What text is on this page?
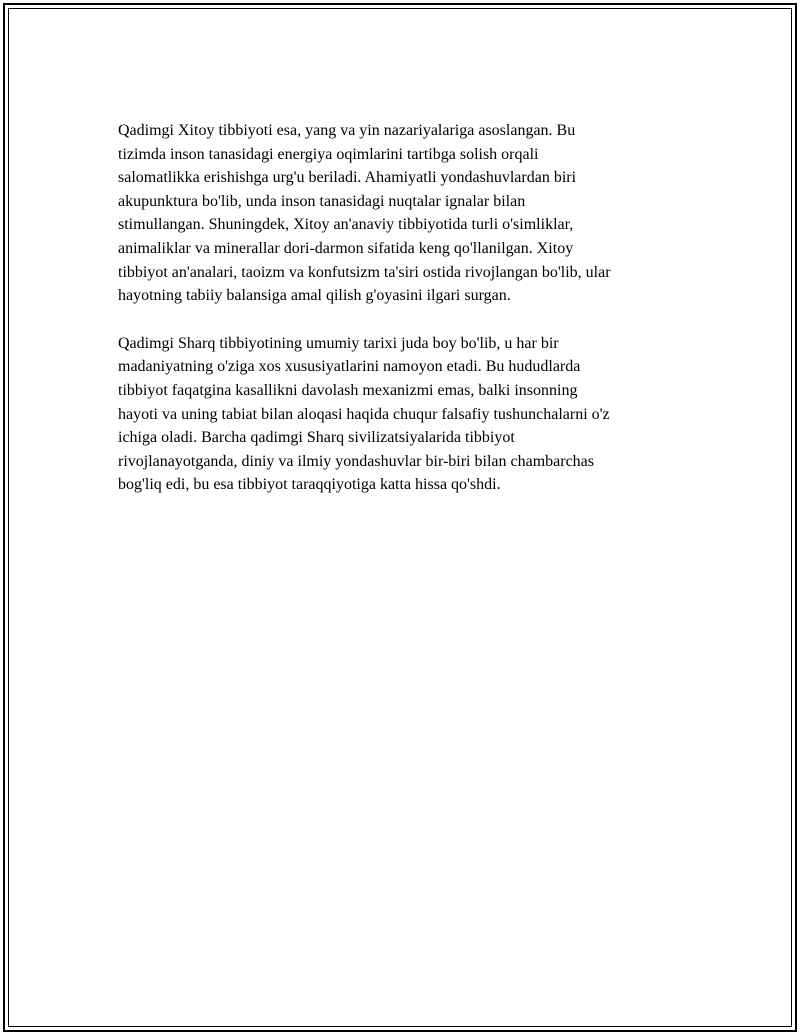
Qadimgi Xitoy tibbiyoti esa, yang va yin nazariyalariga asoslangan. Bu
tizimda inson tanasidagi energiya oqimlarini tartibga solish orqali
salomatlikka erishishga urg'u beriladi. Ahamiyatli yondashuvlardan biri
akupunktura bo'lib, unda inson tanasidagi nuqtalar ignalar bilan
stimullangan. Shuningdek, Xitoy an'anaviy tibbiyotida turli o'simliklar,
animaliklar va minerallar dori-darmon sifatida keng qo'llanilgan. Xitoy
tibbiyot an'analari, taoizm va konfutsizm ta'siri ostida rivojlangan bo'lib, ular
hayotning tabiiy balansiga amal qilish g'oyasini ilgari surgan.

Qadimgi Sharq tibbiyotining umumiy tarixi juda boy bo'lib, u har bir
madaniyatning o'ziga xos xususiyatlarini namoyon etadi. Bu hududlarda
tibbiyot faqatgina kasallikni davolash mexanizmi emas, balki insonning
hayoti va uning tabiat bilan aloqasi haqida chuqur falsafiy tushunchalarni o'z
ichiga oladi. Barcha qadimgi Sharq sivilizatsiyalarida tibbiyot
rivojlanayotganda, diniy va ilmiy yondashuvlar bir-biri bilan chambarchas
bog'liq edi, bu esa tibbiyot taraqqiyotiga katta hissa qo'shdi.
